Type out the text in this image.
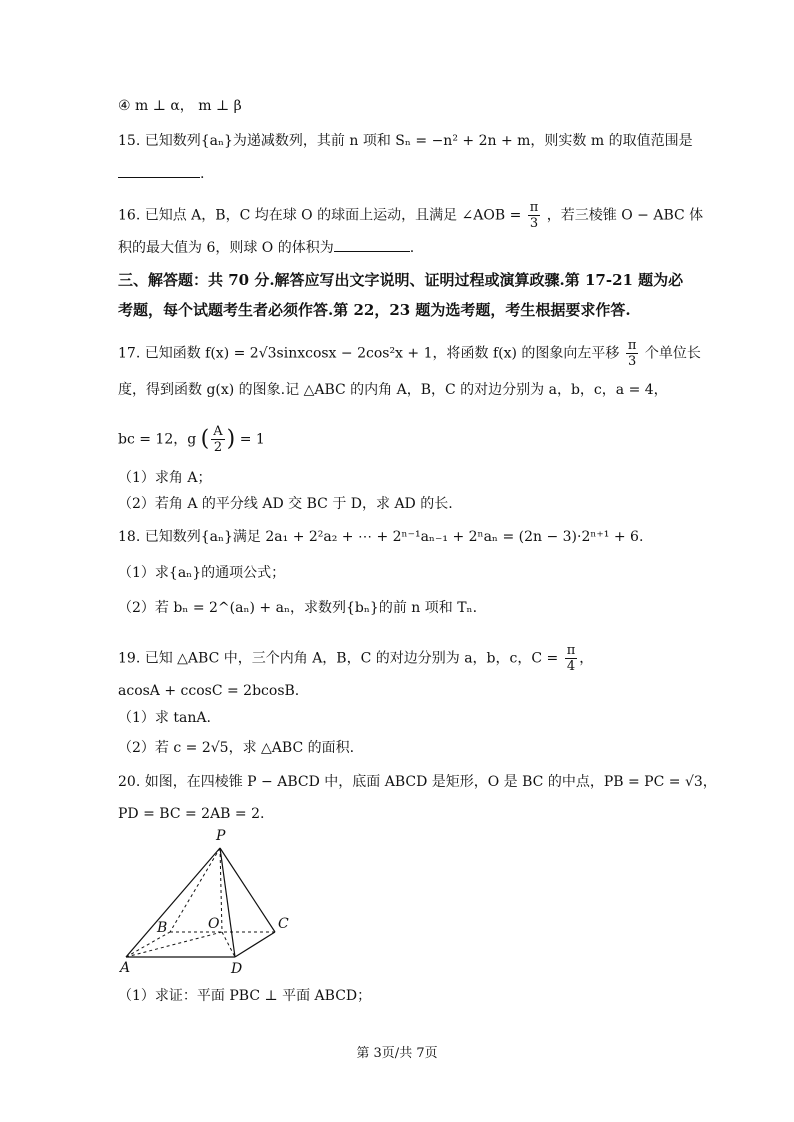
④ m ⊥ α， m ⊥ β
15. 已知数列{aₙ}为递减数列，其前 n 项和 Sₙ = −n² + 2n + m，则实数 m 的取值范围是
.
16. 已知点 A，B，C 均在球 O 的球面上运动，且满足 ∠AOB = $\frac{\pi}{3}$ ，若三棱锥 O − ABC 体
积的最大值为 6，则球 O 的体积为	.
三、解答题：共 70 分.解答应写出文字说明、证明过程或演算政骤.第 17-21 题为必
考题，每个试题考生者必须作答.第 22，23 题为选考题，考生根据要求作答.
17. 已知函数 f(x) = 2√3sinxcosx − 2cos²x + 1，将函数 f(x) 的图象向左平移 $\frac{\pi}{3}$ 个单位长
度，得到函数 g(x) 的图象.记 △ABC 的内角 A，B，C 的对边分别为 a，b，c，a = 4，
bc = 12，g ( $\frac{A}{2}$ ) = 1
（1）求角 A；
（2）若角 A 的平分线 AD 交 BC 于 D，求 AD 的长.
18. 已知数列{aₙ}满足 2a₁ + 2²a₂ + ⋯ + 2ⁿ⁻¹aₙ₋₁ + 2ⁿaₙ = (2n − 3)·2ⁿ⁺¹ + 6.
（1）求{aₙ}的通项公式；
（2）若 bₙ = 2^(aₙ) + aₙ，求数列{bₙ}的前 n 项和 Tₙ.
19. 已知 △ABC 中，三个内角 A，B，C 的对边分别为 a，b，c，$C = \frac{\pi}{4}$ ，
acosA + ccosC = 2bcosB.
（1）求 tanA.
（2）若 c = 2√5，求 △ABC 的面积.
20. 如图，在四棱锥 P − ABCD 中，底面 ABCD 是矩形，O 是 BC 的中点，PB = PC = √3，
PD = BC = 2AB = 2.
P
B	O	C
A	D
（1）求证：平面 PBC ⊥ 平面 ABCD；
第 3页/共 7页
